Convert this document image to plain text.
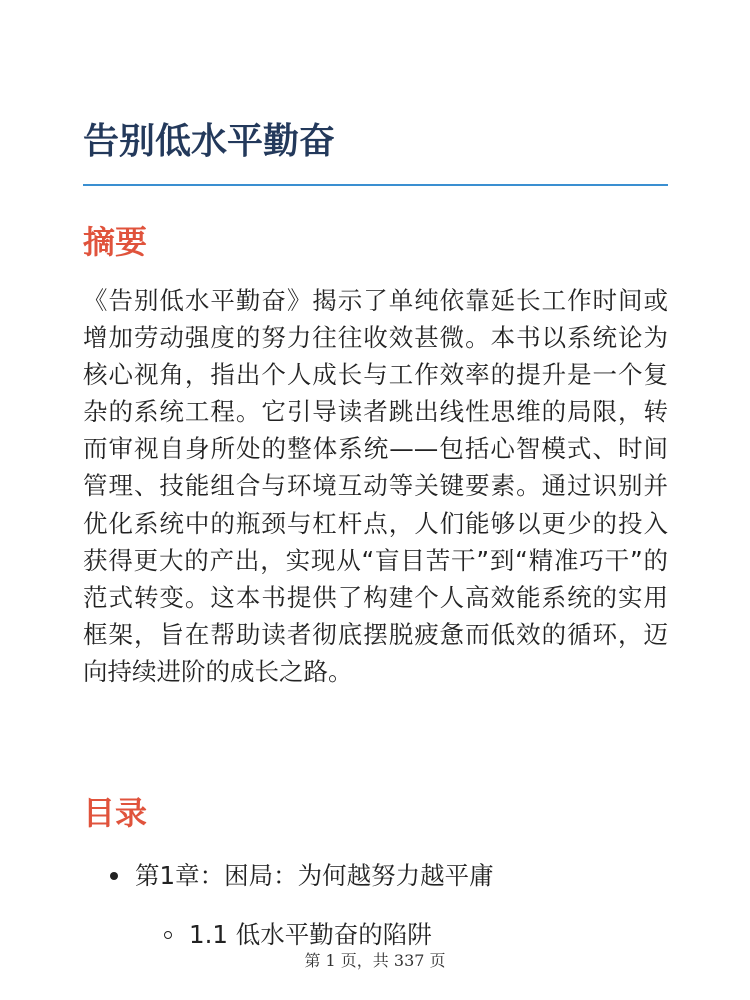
告别低水平勤奋
摘要

《告别低水平勤奋》揭示了单纯依靠延长工作时间或增加劳动强度的努力往往收效甚微。本书以系统论为核心视角，指出个人成长与工作效率的提升是一个复杂的系统工程。它引导读者跳出线性思维的局限，转而审视自身所处的整体系统——包括心智模式、时间管理、技能组合与环境互动等关键要素。通过识别并优化系统中的瓶颈与杠杆点，人们能够以更少的投入获得更大的产出，实现从“盲目苦干”到“精准巧干”的范式转变。这本书提供了构建个人高效能系统的实用框架，旨在帮助读者彻底摆脱疲惫而低效的循环，迈向持续进阶的成长之路。

目录
第1章：困局：为何越努力越平庸
1.1 低水平勤奋的陷阱
第 1 页，共 337 页
